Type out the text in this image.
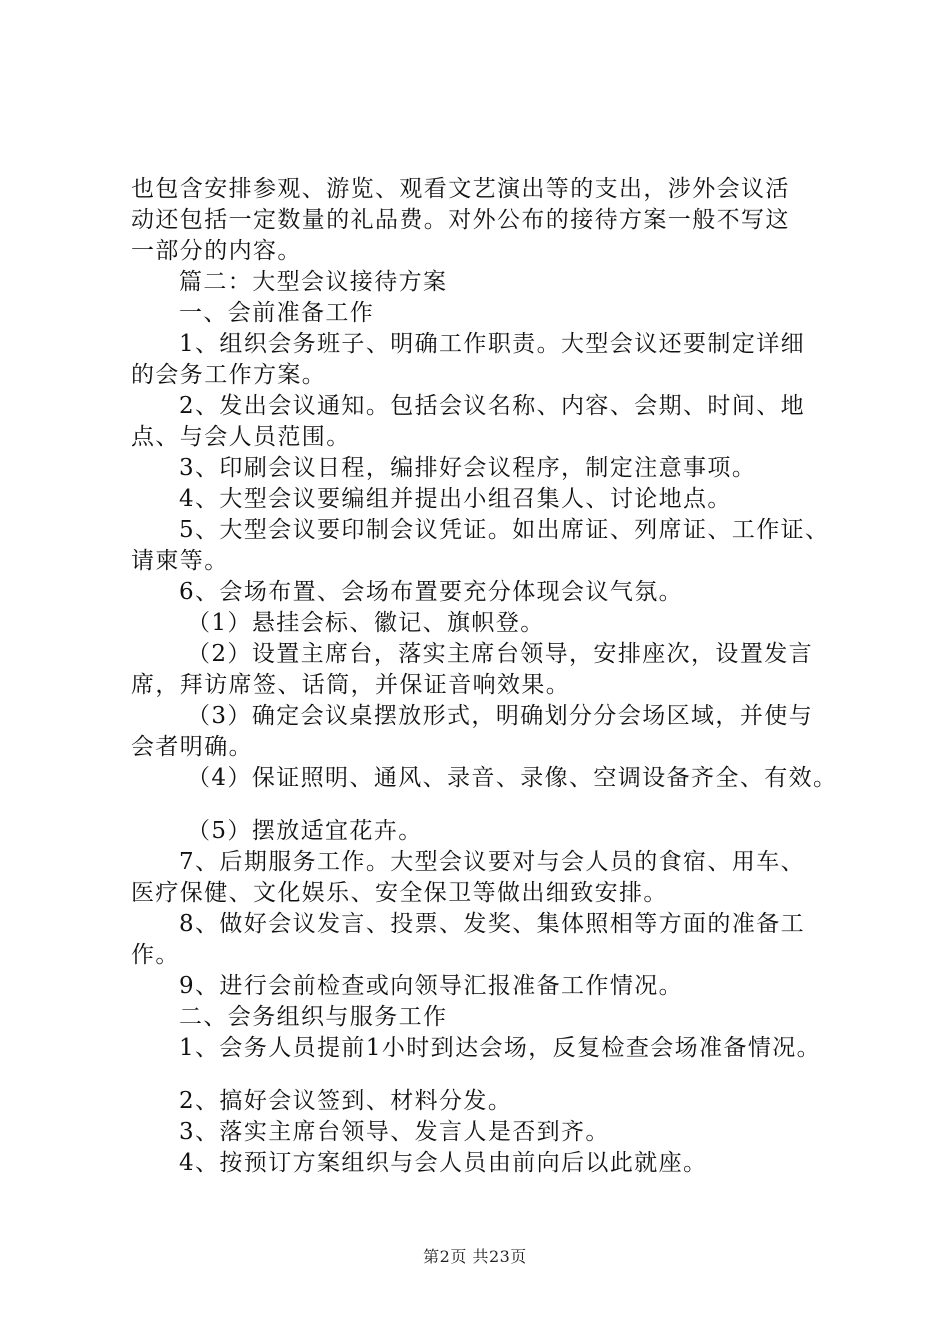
也包含安排参观、游览、观看文艺演出等的支出，涉外会议活
动还包括一定数量的礼品费。对外公布的接待方案一般不写这
一部分的内容。
篇二：大型会议接待方案
一、会前准备工作
1、组织会务班子、明确工作职责。大型会议还要制定详细
的会务工作方案。
2、发出会议通知。包括会议名称、内容、会期、时间、地
点、与会人员范围。
3、印刷会议日程，编排好会议程序，制定注意事项。
4、大型会议要编组并提出小组召集人、讨论地点。
5、大型会议要印制会议凭证。如出席证、列席证、工作证、
请柬等。
6、会场布置、会场布置要充分体现会议气氛。
（1）悬挂会标、徽记、旗帜登。
（2）设置主席台，落实主席台领导，安排座次，设置发言
席，拜访席签、话筒，并保证音响效果。
（3）确定会议桌摆放形式，明确划分分会场区域，并使与
会者明确。
（4）保证照明、通风、录音、录像、空调设备齐全、有效。
（5）摆放适宜花卉。
7、后期服务工作。大型会议要对与会人员的食宿、用车、
医疗保健、文化娱乐、安全保卫等做出细致安排。
8、做好会议发言、投票、发奖、集体照相等方面的准备工
作。
9、进行会前检查或向领导汇报准备工作情况。
二、会务组织与服务工作
1、会务人员提前1小时到达会场，反复检查会场准备情况。
2、搞好会议签到、材料分发。
3、落实主席台领导、发言人是否到齐。
4、按预订方案组织与会人员由前向后以此就座。
第2页 共23页
